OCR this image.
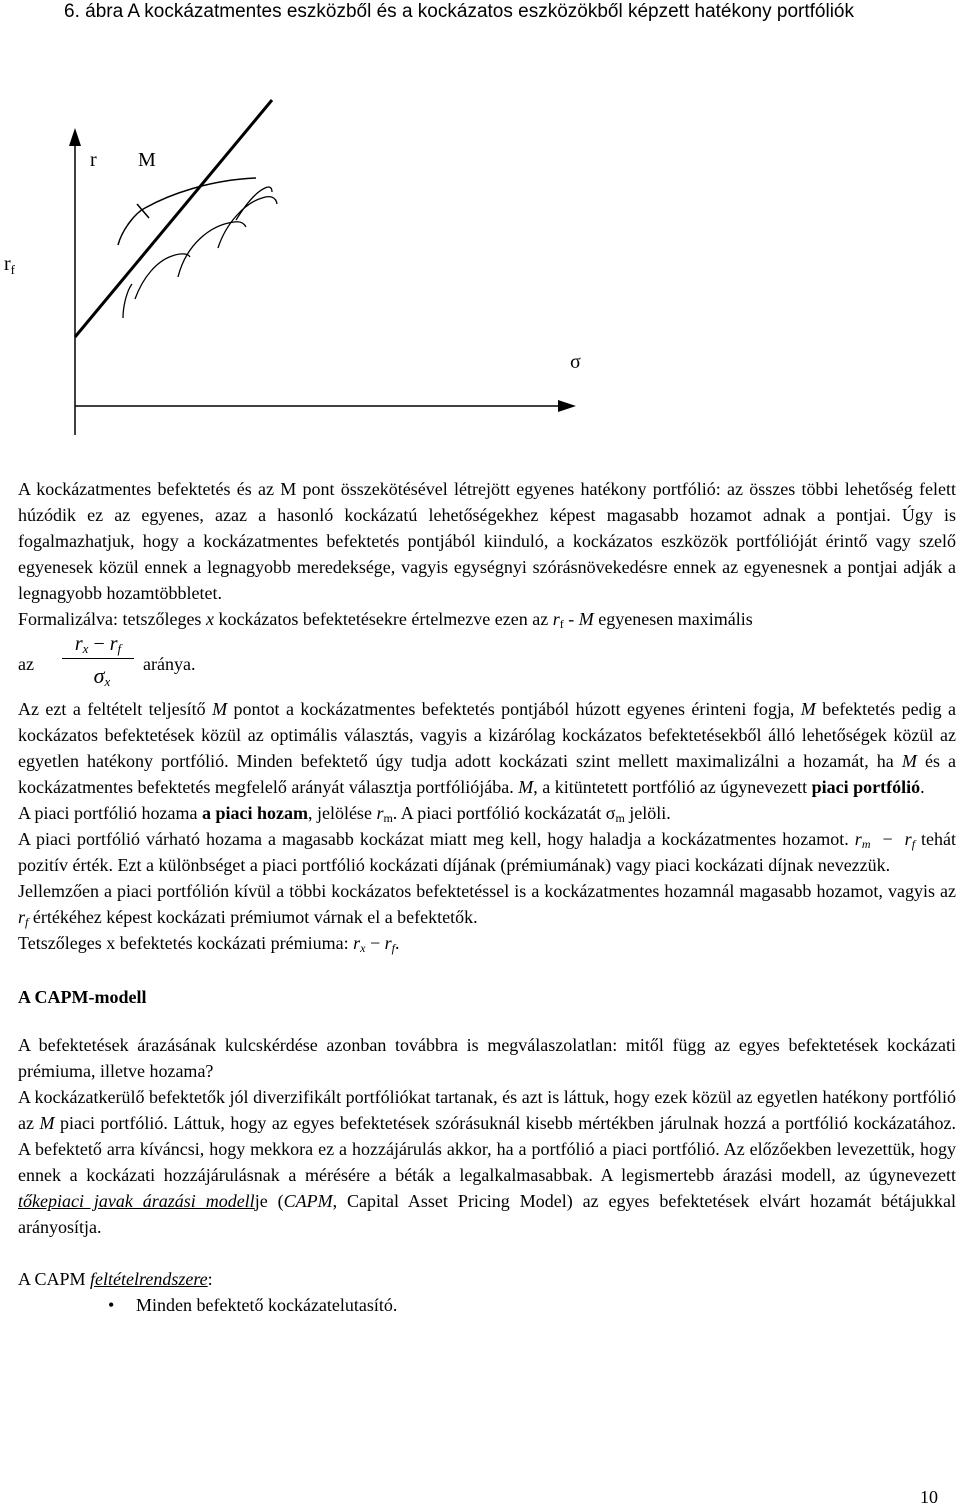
6. ábra A kockázatmentes eszközből és a kockázatos eszközökből képzett hatékony portfóliók
r M
$r_f$
σ

A kockázatmentes befektetés és az M pont összekötésével létrejött egyenes hatékony portfólió: az összes többi lehetőség felett húzódik ez az egyenes, azaz a hasonló kockázatú lehetőségekhez képest magasabb hozamot adnak a pontjai. Úgy is fogalmazhatjuk, hogy a kockázatmentes befektetés pontjából kiinduló, a kockázatos eszközök portfólióját érintő vagy szelő egyenesek közül ennek a legnagyobb meredeksége, vagyis egységnyi szórásnövekedésre ennek az egyenesnek a pontjai adják a legnagyobb hozamtöbbletet.

Formalizálva: tetszőleges x kockázatos befektetésekre értelmezve ezen az $r_f$ - M egyenesen maximális

az
rx − rf
σx
aránya.

Az ezt a feltételt teljesítő M pontot a kockázatmentes befektetés pontjából húzott egyenes érinteni fogja, M befektetés pedig a kockázatos befektetések közül az optimális választás, vagyis a kizárólag kockázatos befektetésekből álló lehetőségek közül az egyetlen hatékony portfólió. Minden befektető úgy tudja adott kockázati szint mellett maximalizálni a hozamát, ha M és a kockázatmentes befektetés megfelelő arányát választja portfóliójába. M, a kitüntetett portfólió az úgynevezett piaci portfólió.

A piaci portfólió hozama a piaci hozam, jelölése $r_m$. A piaci portfólió kockázatát $\sigma_m$ jelöli.

A piaci portfólió várható hozama a magasabb kockázat miatt meg kell, hogy haladja a kockázatmentes hozamot. $r_m - r_f$ tehát pozitív érték. Ezt a különbséget a piaci portfólió kockázati díjának (prémiumának) vagy piaci kockázati díjnak nevezzük.

Jellemzően a piaci portfólión kívül a többi kockázatos befektetéssel is a kockázatmentes hozamnál magasabb hozamot, vagyis az $r_f$ értékéhez képest kockázati prémiumot várnak el a befektetők.

Tetszőleges x befektetés kockázati prémiuma: $r_x - r_f$.

A CAPM-modell

A befektetések árazásának kulcskérdése azonban továbbra is megválaszolatlan: mitől függ az egyes befektetések kockázati prémiuma, illetve hozama?

A kockázatkerülő befektetők jól diverzifikált portfóliókat tartanak, és azt is láttuk, hogy ezek közül az egyetlen hatékony portfólió az M piaci portfólió. Láttuk, hogy az egyes befektetések szórásuknál kisebb mértékben járulnak hozzá a portfólió kockázatához. A befektető arra kíváncsi, hogy mekkora ez a hozzájárulás akkor, ha a portfólió a piaci portfólió. Az előzőekben levezettük, hogy ennek a kockázati hozzájárulásnak a mérésére a béták a legalkalmasabbak. A legismertebb árazási modell, az úgynevezett tőkepiaci javak árazási modellje (CAPM, Capital Asset Pricing Model) az egyes befektetések elvárt hozamát bétájukkal arányosítja.

A CAPM feltételrendszere:

• Minden befektető kockázatelutasító.
10
